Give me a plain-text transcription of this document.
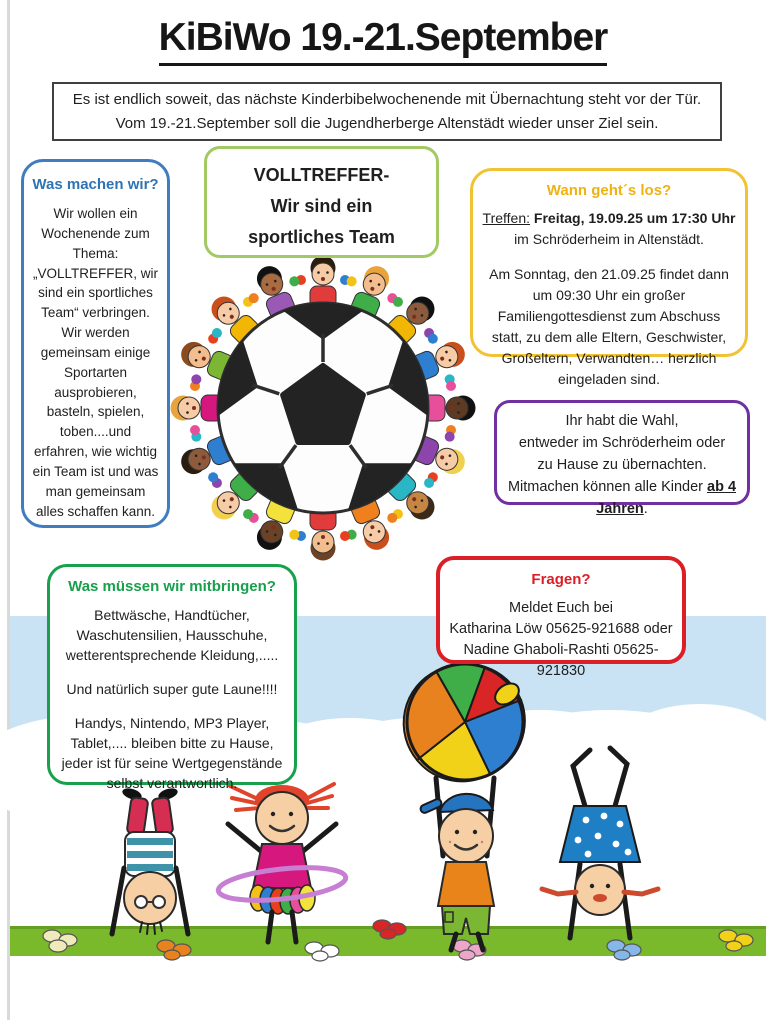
KiBiWo 19.-21.September
Es ist endlich soweit, das nächste Kinderbibelwochenende mit Übernachtung steht vor der Tür.
Vom 19.-21.September soll die Jugendherberge Altenstädt wieder unser Ziel sein.
Was machen wir?
Wir wollen ein Wochenende zum Thema: „VOLLTREFFER, wir sind ein sportliches Team“ verbringen. Wir werden gemeinsam einige Sportarten ausprobieren, basteln, spielen, toben....und erfahren, wie wichtig ein Team ist und was man gemeinsam alles schaffen kann.
VOLLTREFFER-
Wir sind ein
sportliches Team
Wann geht´s los?

Treffen: Freitag, 19.09.25 um 17:30 Uhr im Schröderheim in Altenstädt.

Am Sonntag, den 21.09.25 findet dann um 09:30 Uhr ein großer Familiengottesdienst zum Abschuss statt, zu dem alle Eltern, Geschwister, Großeltern, Verwandten… herzlich eingeladen sind.

Ihr habt die Wahl,
entweder im Schröderheim oder
zu Hause zu übernachten.
Mitmachen können alle Kinder ab 4 Jahren.
Was müssen wir mitbringen?

Bettwäsche, Handtücher, Waschutensilien, Hausschuhe, wetterentsprechende Kleidung,.....

Und natürlich super gute Laune!!!!

Handys, Nintendo, MP3 Player, Tablet,.... bleiben bitte zu Hause, jeder ist für seine Wertgegenstände selbst verantwortlich.

Fragen?
Meldet Euch bei
Katharina Löw 05625-921688 oder
Nadine Ghaboli-Rashti 05625-921830
